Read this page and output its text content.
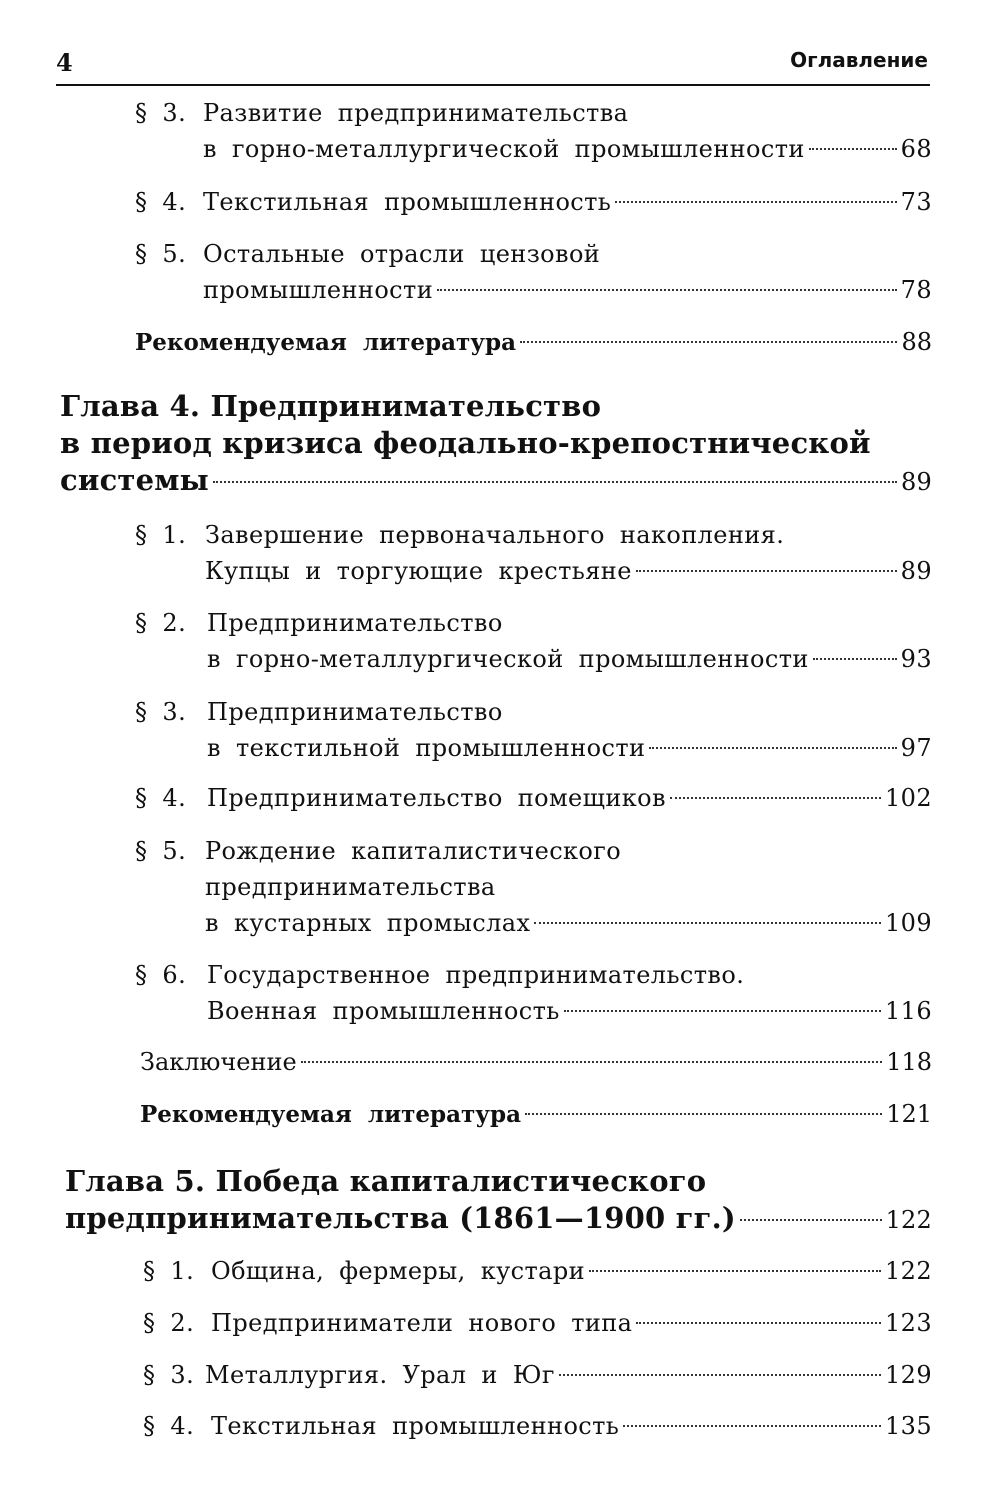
4	Оглавление
§ 3. Развитие предпринимательства
в горно-металлургической промышленности	68
§ 4. Текстильная промышленность	73
§ 5. Остальные отрасли цензовой
промышленности	78
Рекомендуемая литература	88
Глава 4. Предпринимательство
в период кризиса феодально-крепостнической
системы	89
§ 1. Завершение первоначального накопления.
Купцы и торгующие крестьяне	89
§ 2. Предпринимательство
в горно-металлургической промышленности	93
§ 3. Предпринимательство
в текстильной промышленности	97
§ 4. Предпринимательство помещиков	102
§ 5. Рождение капиталистического
предпринимательства
в кустарных промыслах	109
§ 6. Государственное предпринимательство.
Военная промышленность	116
Заключение	118
Рекомендуемая литература	121
Глава 5. Победа капиталистического
предпринимательства (1861—1900 гг.)	122
§ 1. Община, фермеры, кустари	122
§ 2. Предприниматели нового типа	123
§ 3. Металлургия. Урал и Юг	129
§ 4. Текстильная промышленность	135
